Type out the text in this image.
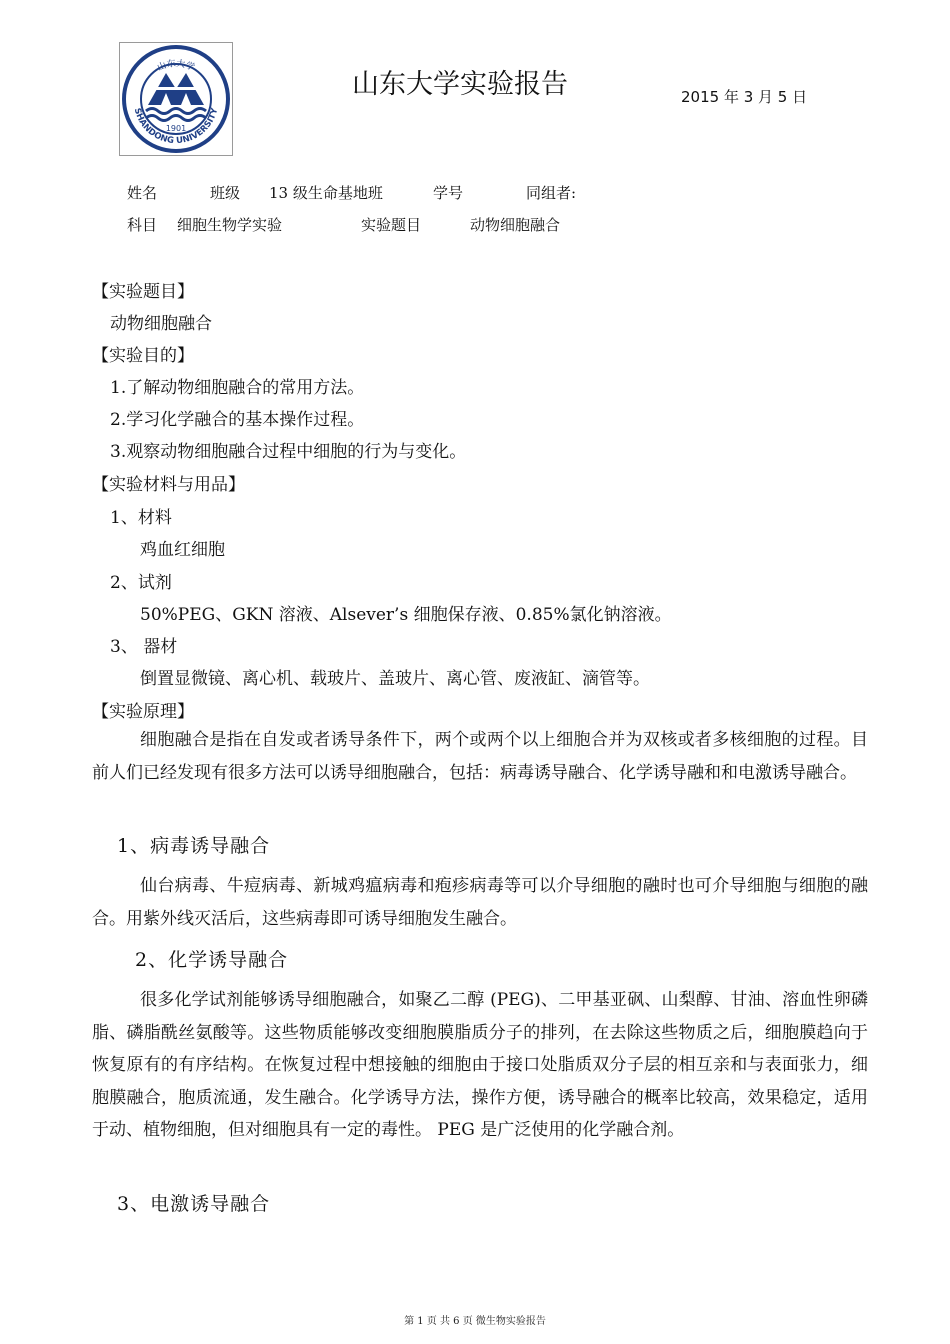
1901
SHANDONG UNIVERSITY
山东大学
山东大学实验报告	2015 年 3 月 5 日
姓名	班级 13 级生命基地班	学号	同组者:
科目 细胞生物学实验	实验题目	动物细胞融合
【实验题目】
动物细胞融合
【实验目的】
1.了解动物细胞融合的常用方法。
2.学习化学融合的基本操作过程。
3.观察动物细胞融合过程中细胞的行为与变化。
【实验材料与用品】
1、材料
鸡血红细胞
2、试剂
50%PEG、GKN 溶液、Alsever’s 细胞保存液、0.85%氯化钠溶液。
3、 器材
倒置显微镜、离心机、载玻片、盖玻片、离心管、废液缸、滴管等。
【实验原理】
细胞融合是指在自发或者诱导条件下，两个或两个以上细胞合并为双核或者多核细胞的过程。目前人们已经发现有很多方法可以诱导细胞融合，包括：病毒诱导融合、化学诱导融和和电激诱导融合。
1、病毒诱导融合
仙台病毒、牛痘病毒、新城鸡瘟病毒和疱疹病毒等可以介导细胞的融时也可介导细胞与细胞的融合。用紫外线灭活后，这些病毒即可诱导细胞发生融合。
2、化学诱导融合
很多化学试剂能够诱导细胞融合，如聚乙二醇 (PEG)、二甲基亚砜、山梨醇、甘油、溶血性卵磷脂、磷脂酰丝氨酸等。这些物质能够改变细胞膜脂质分子的排列，在去除这些物质之后，细胞膜趋向于恢复原有的有序结构。在恢复过程中想接触的细胞由于接口处脂质双分子层的相互亲和与表面张力，细胞膜融合，胞质流通，发生融合。化学诱导方法，操作方便，诱导融合的概率比较高，效果稳定，适用于动、植物细胞，但对细胞具有一定的毒性。 PEG 是广泛使用的化学融合剂。
3、电激诱导融合
第 1 页 共 6 页 微生物实验报告
